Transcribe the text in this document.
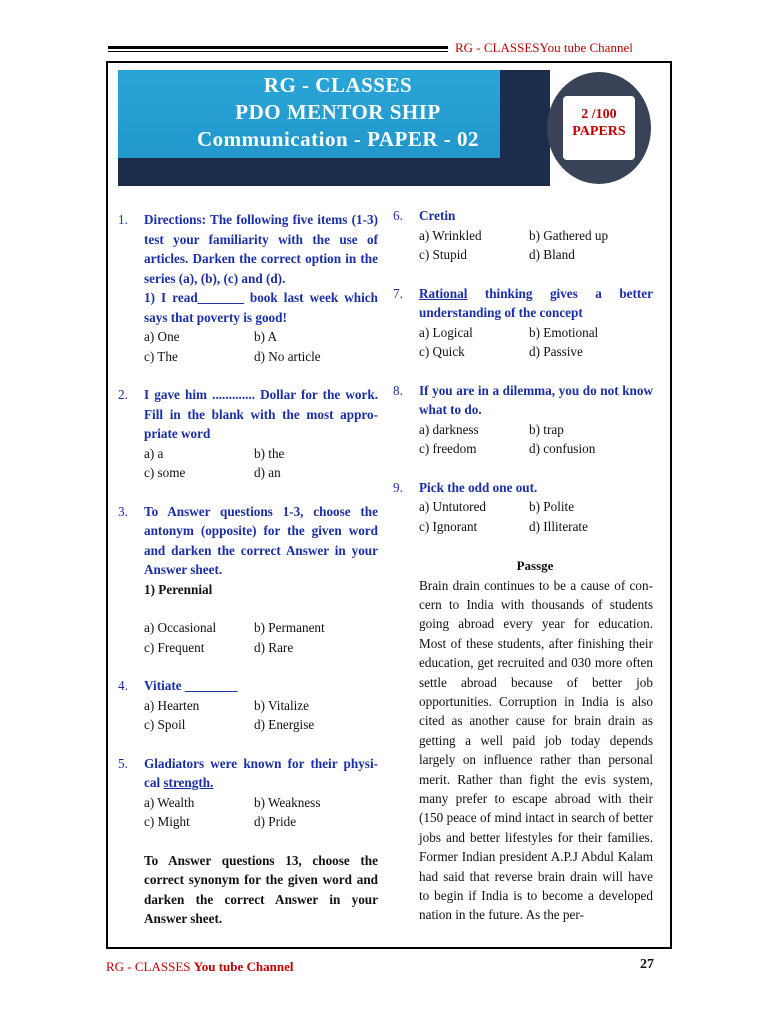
RG - CLASSESYou tube Channel
2 /100
PAPERS
RG - CLASSES
PDO MENTOR SHIP
Communication - PAPER - 02
1. Directions: The following five items (1-3) test your familiarity with the use of articles. Darken the correct option in the series (a), (b), (c) and (d).
1) I read_______ book last week which says that poverty is good!
a) One	b) A
c) The	d) No article
2. I gave him ............. Dollar for the work. Fill in the blank with the most appro-priate word
a) a	b) the
c) some	d) an
3. To Answer questions 1-3, choose the antonym (opposite) for the given word and darken the correct Answer in your Answer sheet.
1) Perennial
a) Occasional	b) Permanent
c) Frequent	d) Rare
4. Vitiate ________
a) Hearten	b) Vitalize
c) Spoil	d) Energise
5. Gladiators were known for their physi-cal strength.
a) Wealth	b) Weakness
c) Might	d) Pride
To Answer questions 13, choose the correct synonym for the given word and darken the correct Answer in your Answer sheet.
6. Cretin
a) Wrinkled	b) Gathered up
c) Stupid	d) Bland
7. Rational thinking gives a better understanding of the concept
a) Logical	b) Emotional
c) Quick	d) Passive
8. If you are in a dilemma, you do not know what to do.
a) darkness	b) trap
c) freedom	d) confusion
9. Pick the odd one out.
a) Untutored	b) Polite
c) Ignorant	d) Illiterate
Passge
Brain drain continues to be a cause of con-cern to India with thousands of students going abroad every year for education. Most of these students, after finishing their education, get recruited and 030 more often settle abroad because of better job opportunities. Corruption in India is also cited as another cause for brain drain as getting a well paid job today depends largely on influence rather than personal merit. Rather than fight the evis system, many prefer to escape abroad with their (150 peace of mind intact in search of better jobs and better lifestyles for their families. Former Indian president A.P.J Abdul Kalam had said that reverse brain drain will have to begin if India is to become a developed nation in the future. As the per-
RG - CLASSES You tube Channel	27
